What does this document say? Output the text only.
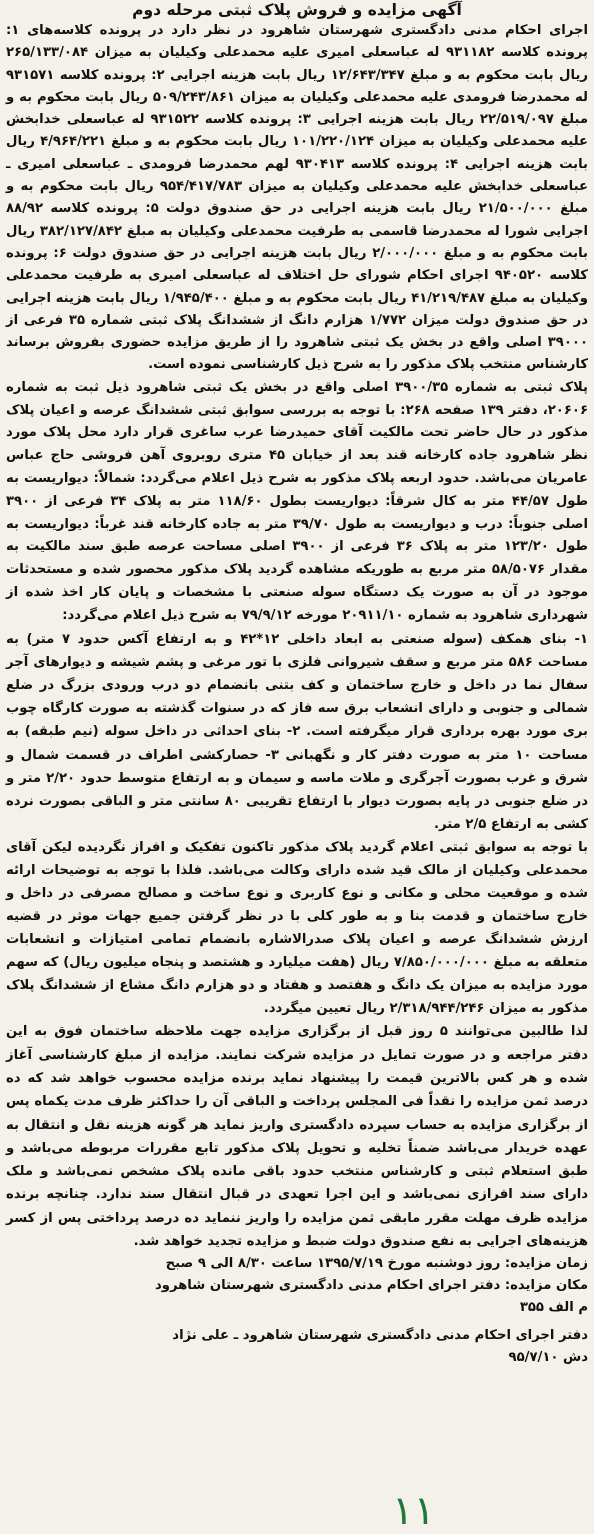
آگهی مزایده و فروش پلاک ثبتی مرحله دوم

اجرای احکام مدنی دادگستری شهرستان شاهرود در نظر دارد در پرونده کلاسه‌های ۱: پرونده کلاسه ۹۳۱۱۸۲ له عباسعلی امیری علیه محمدعلی وکیلیان به میزان ۲۶۵/۱۳۳/۰۸۴ ریال بابت محکوم به و مبلغ ۱۲/۶۴۳/۳۴۷ ریال بابت هزینه اجرایی ۲: پرونده کلاسه ۹۳۱۵۷۱ له محمدرضا فرومدی علیه محمدعلی وکیلیان به میزان ۵۰۹/۲۴۳/۸۶۱ ریال بابت محکوم به و مبلغ ۲۲/۵۱۹/۰۹۷ ریال بابت هزینه اجرایی ۳: پرونده کلاسه ۹۳۱۵۲۲ له عباسعلی خدابخش علیه محمدعلی وکیلیان به میزان ۱۰۱/۲۲۰/۱۲۴ ریال بابت محکوم به و مبلغ ۴/۹۶۴/۲۲۱ ریال بابت هزینه اجرایی ۴: پرونده کلاسه ۹۳۰۴۱۳ لهم محمدرضا فرومدی ـ عباسعلی امیری ـ عباسعلی خدابخش علیه محمدعلی وکیلیان به میزان ۹۵۴/۴۱۷/۷۸۳ ریال بابت محکوم به و مبلغ ۲۱/۵۰۰/۰۰۰ ریال بابت هزینه اجرایی در حق صندوق دولت ۵: پرونده کلاسه ۸۸/۹۲ اجرایی شورا له محمدرضا قاسمی به طرفیت محمدعلی وکیلیان به مبلغ ۳۸۲/۱۲۷/۸۴۲ ریال بابت محکوم به و مبلغ ۲/۰۰۰/۰۰۰ ریال بابت هزینه اجرایی در حق صندوق دولت ۶: پرونده کلاسه ۹۴۰۵۲۰ اجرای احکام شورای حل اختلاف له عباسعلی امیری به طرفیت محمدعلی وکیلیان به مبلغ ۴۱/۲۱۹/۴۸۷ ریال بابت محکوم به و مبلغ ۱/۹۴۵/۴۰۰ ریال بابت هزینه اجرایی در حق صندوق دولت میزان ۱/۷۷۲ هزارم دانگ از ششدانگ پلاک ثبتی شماره ۳۵ فرعی از ۳۹۰۰۰ اصلی واقع در بخش یک ثبتی شاهرود را از طریق مزایده حضوری بفروش برساند کارشناس منتخب پلاک مذکور را به شرح ذیل کارشناسی نموده است.

پلاک ثبتی به شماره ۳۹۰۰/۳۵ اصلی واقع در بخش یک ثبتی شاهرود ذیل ثبت به شماره ۲۰۶۰۶، دفتر ۱۳۹ صفحه ۲۶۸: با توجه به بررسی سوابق ثبتی ششدانگ عرصه و اعیان پلاک مذکور در حال حاضر تحت مالکیت آقای حمیدرضا عرب ساغری قرار دارد محل پلاک مورد نظر شاهرود جاده کارخانه قند بعد از خیابان ۴۵ متری روبروی آهن فروشی حاج عباس عامریان می‌باشد. حدود اربعه پلاک مذکور به شرح ذیل اعلام می‌گردد: شمالاً: دیواریست به طول ۴۴/۵۷ متر به کال شرقاً: دیواریست بطول ۱۱۸/۶۰ متر به پلاک ۳۴ فرعی از ۳۹۰۰ اصلی جنوباً: درب و دیواریست به طول ۳۹/۷۰ متر به جاده کارخانه قند غرباً: دیواریست به طول ۱۲۳/۲۰ متر به پلاک ۳۶ فرعی از ۳۹۰۰ اصلی مساحت عرصه طبق سند مالکیت به مقدار ۵۸/۵۰۷۶ متر مربع به طوریکه مشاهده گردید پلاک مذکور محصور شده و مستحدثات موجود در آن به صورت یک دستگاه سوله صنعتی با مشخصات و پایان کار اخذ شده از شهرداری شاهرود به شماره ۲۰۹۱۱/۱۰ مورخه ۷۹/۹/۱۲ به شرح ذیل اعلام می‌گردد:

۱- بنای همکف (سوله صنعتی به ابعاد داخلی ۱۲*۴۲ و به ارتفاع آکس حدود ۷ متر) به مساحت ۵۸۶ متر مربع و سقف شیروانی فلزی با تور مرغی و پشم شیشه و دیوارهای آجر سفال نما در داخل و خارج ساختمان و کف بتنی بانضمام دو درب ورودی بزرگ در ضلع شمالی و جنوبی و دارای انشعاب برق سه فاز که در سنوات گذشته به صورت کارگاه چوب بری مورد بهره برداری قرار میگرفته است. ۲- بنای احداثی در داخل سوله (نیم طبقه) به مساحت ۱۰ متر به صورت دفتر کار و نگهبانی ۳- حصارکشی اطراف در قسمت شمال و شرق و غرب بصورت آجرگری و ملات ماسه و سیمان و به ارتفاع متوسط حدود ۲/۲۰ متر و در ضلع جنوبی در پایه بصورت دیوار با ارتفاع تقریبی ۸۰ سانتی متر و الباقی بصورت نرده کشی به ارتفاع ۲/۵ متر.

با توجه به سوابق ثبتی اعلام گردید پلاک مذکور تاکنون تفکیک و افراز نگردیده لیکن آقای محمدعلی وکیلیان از مالک قید شده دارای وکالت می‌باشد. فلذا با توجه به توضیحات ارائه شده و موقعیت محلی و مکانی و نوع کاربری و نوع ساخت و مصالح مصرفی در داخل و خارج ساختمان و قدمت بنا و به طور کلی با در نظر گرفتن جمیع جهات موثر در قضیه ارزش ششدانگ عرصه و اعیان پلاک صدرالاشاره بانضمام تمامی امتیازات و انشعابات متعلقه به مبلغ ۷/۸۵۰/۰۰۰/۰۰۰ ریال (هفت میلیارد و هشتصد و پنجاه میلیون ریال) که سهم مورد مزایده به میزان یک دانگ و هفتصد و هفتاد و دو هزارم دانگ مشاع از ششدانگ پلاک مذکور به میزان ۲/۳۱۸/۹۴۴/۲۴۶ ریال تعیین میگردد.

لذا طالبین می‌توانند ۵ روز قبل از برگزاری مزایده جهت ملاحظه ساختمان فوق به این دفتر مراجعه و در صورت تمایل در مزایده شرکت نمایند. مزایده از مبلغ کارشناسی آغاز شده و هر کس بالاترین قیمت را پیشنهاد نماید برنده مزایده محسوب خواهد شد که ده درصد ثمن مزایده را نقداً فی المجلس پرداخت و الباقی آن را حداکثر ظرف مدت یکماه پس از برگزاری مزایده به حساب سپرده دادگستری واریز نماید هر گونه هزینه نقل و انتقال به عهده خریدار می‌باشد ضمناً تخلیه و تحویل پلاک مذکور تابع مقررات مربوطه می‌باشد و طبق استعلام ثبتی و کارشناس منتخب حدود باقی مانده پلاک مشخص نمی‌باشد و ملک دارای سند افرازی نمی‌باشد و این اجرا تعهدی در قبال انتقال سند ندارد. چنانچه برنده مزایده ظرف مهلت مقرر مابقی ثمن مزایده را واریز ننماید ده درصد پرداختی پس از کسر هزینه‌های اجرایی به نفع صندوق دولت ضبط و مزایده تجدید خواهد شد.

زمان مزایده: روز دوشنبه مورخ ۱۳۹۵/۷/۱۹ ساعت ۸/۳۰ الی ۹ صبح

مکان مزایده: دفتر اجرای احکام مدنی دادگستری شهرستان شاهرود

م الف ۳۵۵

دفتر اجرای احکام مدنی دادگستری شهرستان شاهرود ـ علی نژاد

دش ۹۵/۷/۱۰

۱۱
